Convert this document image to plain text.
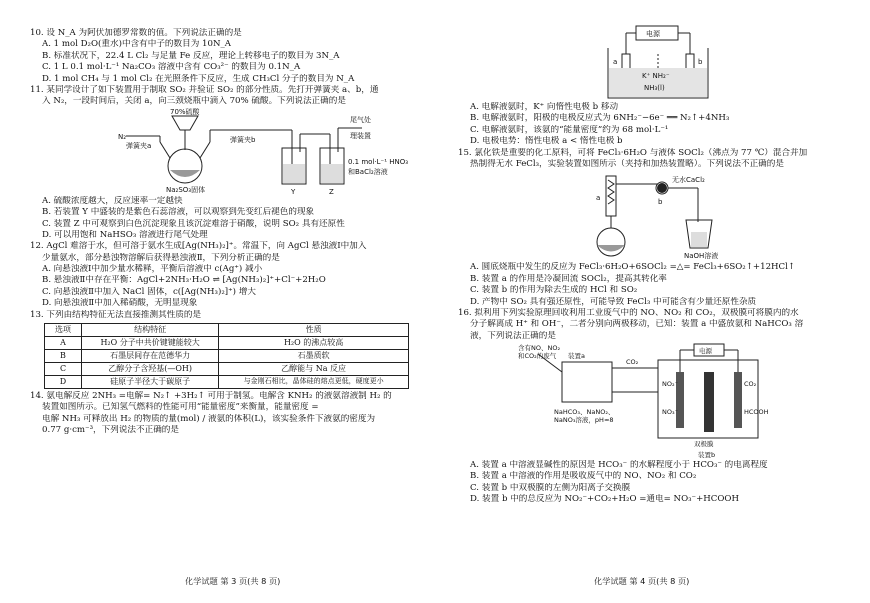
10. 设 N_A 为阿伏加德罗常数的值。下列说法正确的是
A. 1 mol D₂O(重水)中含有中子的数目为 10N_A
B. 标准状况下，22.4 L Cl₂ 与足量 Fe 反应，理论上转移电子的数目为 3N_A
C. 1 L 0.1 mol·L⁻¹ Na₂CO₃ 溶液中含有 CO₃²⁻ 的数目为 0.1N_A
D. 1 mol CH₄ 与 1 mol Cl₂ 在光照条件下反应，生成 CH₃Cl 分子的数目为 N_A
11. 某同学设计了如下装置用于制取 SO₂ 并验证 SO₂ 的部分性质。先打开弹簧夹 a、b，通
入 N₂，一段时间后，关闭 a，向三颈烧瓶中滴入 70% 硫酸。下列说法正确的是
70%硫酸
N₂
弹簧夹a
弹簧夹b
尾气处
理装置
Na₂SO₃固体
0.1 mol·L⁻¹ HNO₃
和BaCl₂溶液
Y	Z
A. 硫酸浓度越大，反应速率一定越快
B. 若装置 Y 中盛装的是紫色石蕊溶液，可以观察到先变红后褪色的现象
C. 装置 Z 中可观察到白色沉淀现象且该沉淀难溶于硝酸，说明 SO₂ 具有还原性
D. 可以用饱和 NaHSO₃ 溶液进行尾气处理
12. AgCl 难溶于水，但可溶于氨水生成[Ag(NH₃)₂]⁺。常温下，向 AgCl 悬浊液Ⅰ中加入
少量氨水，部分悬浊物溶解后获得悬浊液Ⅱ，下列分析正确的是
A. 向悬浊液Ⅰ中加少量水稀释，平衡后溶液中 c(Ag⁺) 减小
B. 悬浊液Ⅱ中存在平衡：AgCl+2NH₃·H₂O ⇌ [Ag(NH₃)₂]⁺+Cl⁻+2H₂O
C. 向悬浊液Ⅱ中加入 NaCl 固体，c([Ag(NH₃)₂]⁺) 增大
D. 向悬浊液Ⅱ中加入稀硝酸，无明显现象
13. 下列由结构特征无法直接推测其性质的是
选项	结构特征	性质
A	H₂O 分子中共价键键能较大	H₂O 的沸点较高
B	石墨层间存在范德华力	石墨质软
C	乙醇分子含羟基(—OH)	乙醇能与 Na 反应
D	硅原子半径大于碳原子	与金刚石相比，晶体硅的熔点更低，硬度更小
14. 氨电解反应 2NH₃ =电解= N₂↑ +3H₂↑ 可用于制氢。电解含 KNH₂ 的液氨溶液制 H₂ 的
装置如图所示。已知氢气燃料的性能可用“能量密度”来衡量，能量密度 =
电解 NH₃ 可释放出 H₂ 的物质的量(mol) / 液氨的体积(L)，该实验条件下液氨的密度为
0.77 g·cm⁻³，下列说法不正确的是
电源
a	b
K⁺ NH₂⁻
NH₃(l)
A. 电解液氨时，K⁺ 向惰性电极 b 移动
B. 电解液氨时，阳极的电极反应式为 6NH₂⁻−6e⁻ ══ N₂↑+4NH₃
C. 电解液氨时，该氨的“能量密度”约为 68 mol·L⁻¹
D. 电极电势：惰性电极 a < 惰性电极 b
15. 氯化铁是重要的化工原料，可将 FeCl₃·6H₂O 与液体 SOCl₂（沸点为 77 ℃）混合并加
热制得无水 FeCl₃，实验装置如图所示（夹持和加热装置略）。下列说法不正确的是
a	b
无水CaCl₂
NaOH溶液
A. 圆底烧瓶中发生的反应为 FeCl₃·6H₂O+6SOCl₂ =△= FeCl₃+6SO₂↑+12HCl↑
B. 装置 a 的作用是冷凝回流 SOCl₂，提高其转化率
C. 装置 b 的作用为除去生成的 HCl 和 SO₂
D. 产物中 SO₂ 具有强还原性，可能导致 FeCl₃ 中可能含有少量还原性杂质
16. 拟利用下列实验原理回收利用工业废气中的 NO、NO₂ 和 CO₂，双极膜可将膜内的水
分子解离成 H⁺ 和 OH⁻，二者分别向两极移动，已知：装置 a 中盛放氨和 NaHCO₃ 溶
液，下列说法正确的是
含有NO、NO₂
和CO₂的废气 装置a
CO₂
电源
NaHCO₃、NaNO₂、
NaNO₃溶液，pH≈8
NO₂⁻
NO₃⁻
CO₂
HCOOH
双极膜
装置b
A. 装置 a 中溶液显碱性的原因是 HCO₃⁻ 的水解程度小于 HCO₃⁻ 的电离程度
B. 装置 a 中溶液的作用是吸收废气中的 NO、NO₂ 和 CO₂
C. 装置 b 中双极膜的左侧为阳离子交换膜
D. 装置 b 中的总反应为 NO₂⁻+CO₂+H₂O =通电= NO₃⁻+HCOOH
化学试题 第 3 页(共 8 页)	化学试题 第 4 页(共 8 页)
